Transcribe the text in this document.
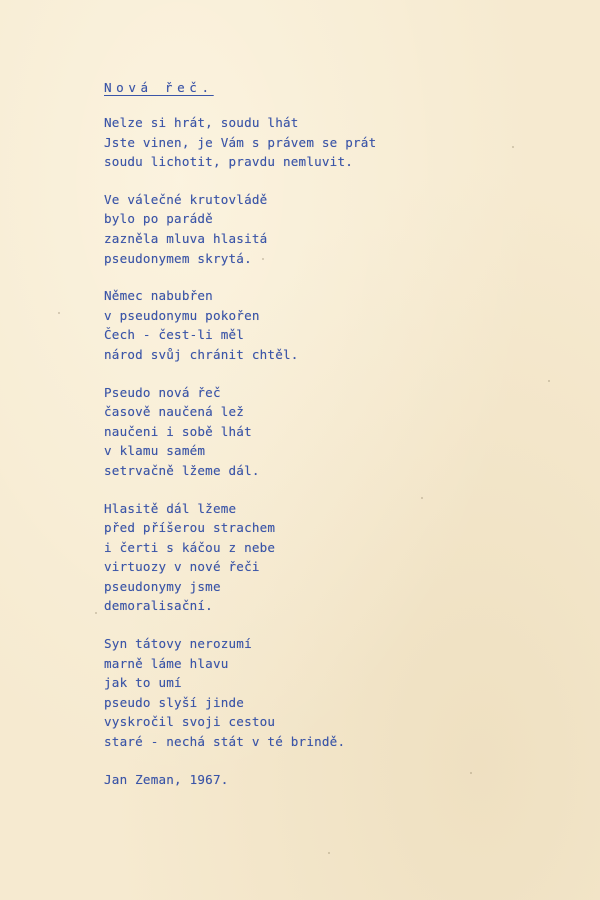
Nová řeč.
Nelze si hrát, soudu lhát
Jste vinen, je Vám s právem se prát
soudu lichotit, pravdu nemluvit.
Ve válečné krutovládě
bylo po parádě
zazněla mluva hlasitá
pseudonymem skrytá.
Němec nabubřen
v pseudonymu pokořen
Čech - čest-li měl
národ svůj chránit chtěl.
Pseudo nová řeč
časově naučená lež
naučeni i sobě lhát
v klamu samém
setrvačně lžeme dál.
Hlasitě dál lžeme
před příšerou strachem
i čerti s káčou z nebe
virtuozy v nové řeči
pseudonymy jsme
demoralisační.
Syn tátovy nerozumí
marně láme hlavu
jak to umí
pseudo slyší jinde
vyskročil svoji cestou
staré - nechá stát v té brindě.
Jan Zeman, 1967.
